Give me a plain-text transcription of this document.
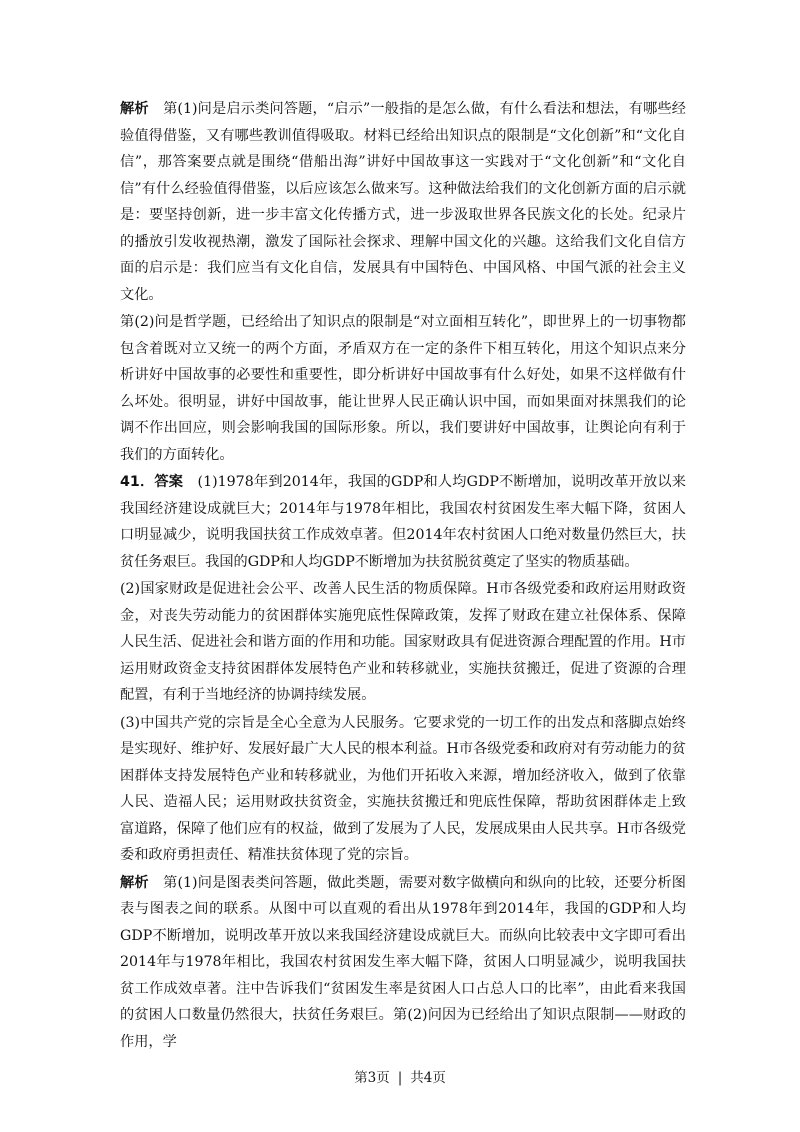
解析　第(1)问是启示类问答题，“启示”一般指的是怎么做，有什么看法和想法，有哪些经验值得借鉴，又有哪些教训值得吸取。材料已经给出知识点的限制是“文化创新”和“文化自信”，那答案要点就是围绕“借船出海”讲好中国故事这一实践对于“文化创新”和“文化自信”有什么经验值得借鉴，以后应该怎么做来写。这种做法给我们的文化创新方面的启示就是：要坚持创新，进一步丰富文化传播方式，进一步汲取世界各民族文化的长处。纪录片的播放引发收视热潮，激发了国际社会探求、理解中国文化的兴趣。这给我们文化自信方面的启示是：我们应当有文化自信，发展具有中国特色、中国风格、中国气派的社会主义文化。

第(2)问是哲学题，已经给出了知识点的限制是“对立面相互转化”，即世界上的一切事物都包含着既对立又统一的两个方面，矛盾双方在一定的条件下相互转化，用这个知识点来分析讲好中国故事的必要性和重要性，即分析讲好中国故事有什么好处，如果不这样做有什么坏处。很明显，讲好中国故事，能让世界人民正确认识中国，而如果面对抹黑我们的论调不作出回应，则会影响我国的国际形象。所以，我们要讲好中国故事，让舆论向有利于我们的方面转化。

41．答案　(1)1978年到2014年，我国的GDP和人均GDP不断增加，说明改革开放以来我国经济建设成就巨大；2014年与1978年相比，我国农村贫困发生率大幅下降，贫困人口明显减少，说明我国扶贫工作成效卓著。但2014年农村贫困人口绝对数量仍然巨大，扶贫任务艰巨。我国的GDP和人均GDP不断增加为扶贫脱贫奠定了坚实的物质基础。

(2)国家财政是促进社会公平、改善人民生活的物质保障。H市各级党委和政府运用财政资金，对丧失劳动能力的贫困群体实施兜底性保障政策，发挥了财政在建立社保体系、保障人民生活、促进社会和谐方面的作用和功能。国家财政具有促进资源合理配置的作用。H市运用财政资金支持贫困群体发展特色产业和转移就业，实施扶贫搬迁，促进了资源的合理配置，有利于当地经济的协调持续发展。

(3)中国共产党的宗旨是全心全意为人民服务。它要求党的一切工作的出发点和落脚点始终是实现好、维护好、发展好最广大人民的根本利益。H市各级党委和政府对有劳动能力的贫困群体支持发展特色产业和转移就业，为他们开拓收入来源，增加经济收入，做到了依靠人民、造福人民；运用财政扶贫资金，实施扶贫搬迁和兜底性保障，帮助贫困群体走上致富道路，保障了他们应有的权益，做到了发展为了人民，发展成果由人民共享。H市各级党委和政府勇担责任、精准扶贫体现了党的宗旨。

解析　第(1)问是图表类问答题，做此类题，需要对数字做横向和纵向的比较，还要分析图表与图表之间的联系。从图中可以直观的看出从1978年到2014年，我国的GDP和人均GDP不断增加，说明改革开放以来我国经济建设成就巨大。而纵向比较表中文字即可看出2014年与1978年相比，我国农村贫困发生率大幅下降，贫困人口明显减少，说明我国扶贫工作成效卓著。注中告诉我们“贫困发生率是贫困人口占总人口的比率”，由此看来我国的贫困人口数量仍然很大，扶贫任务艰巨。第(2)问因为已经给出了知识点限制——财政的作用，学

第3页 | 共4页
